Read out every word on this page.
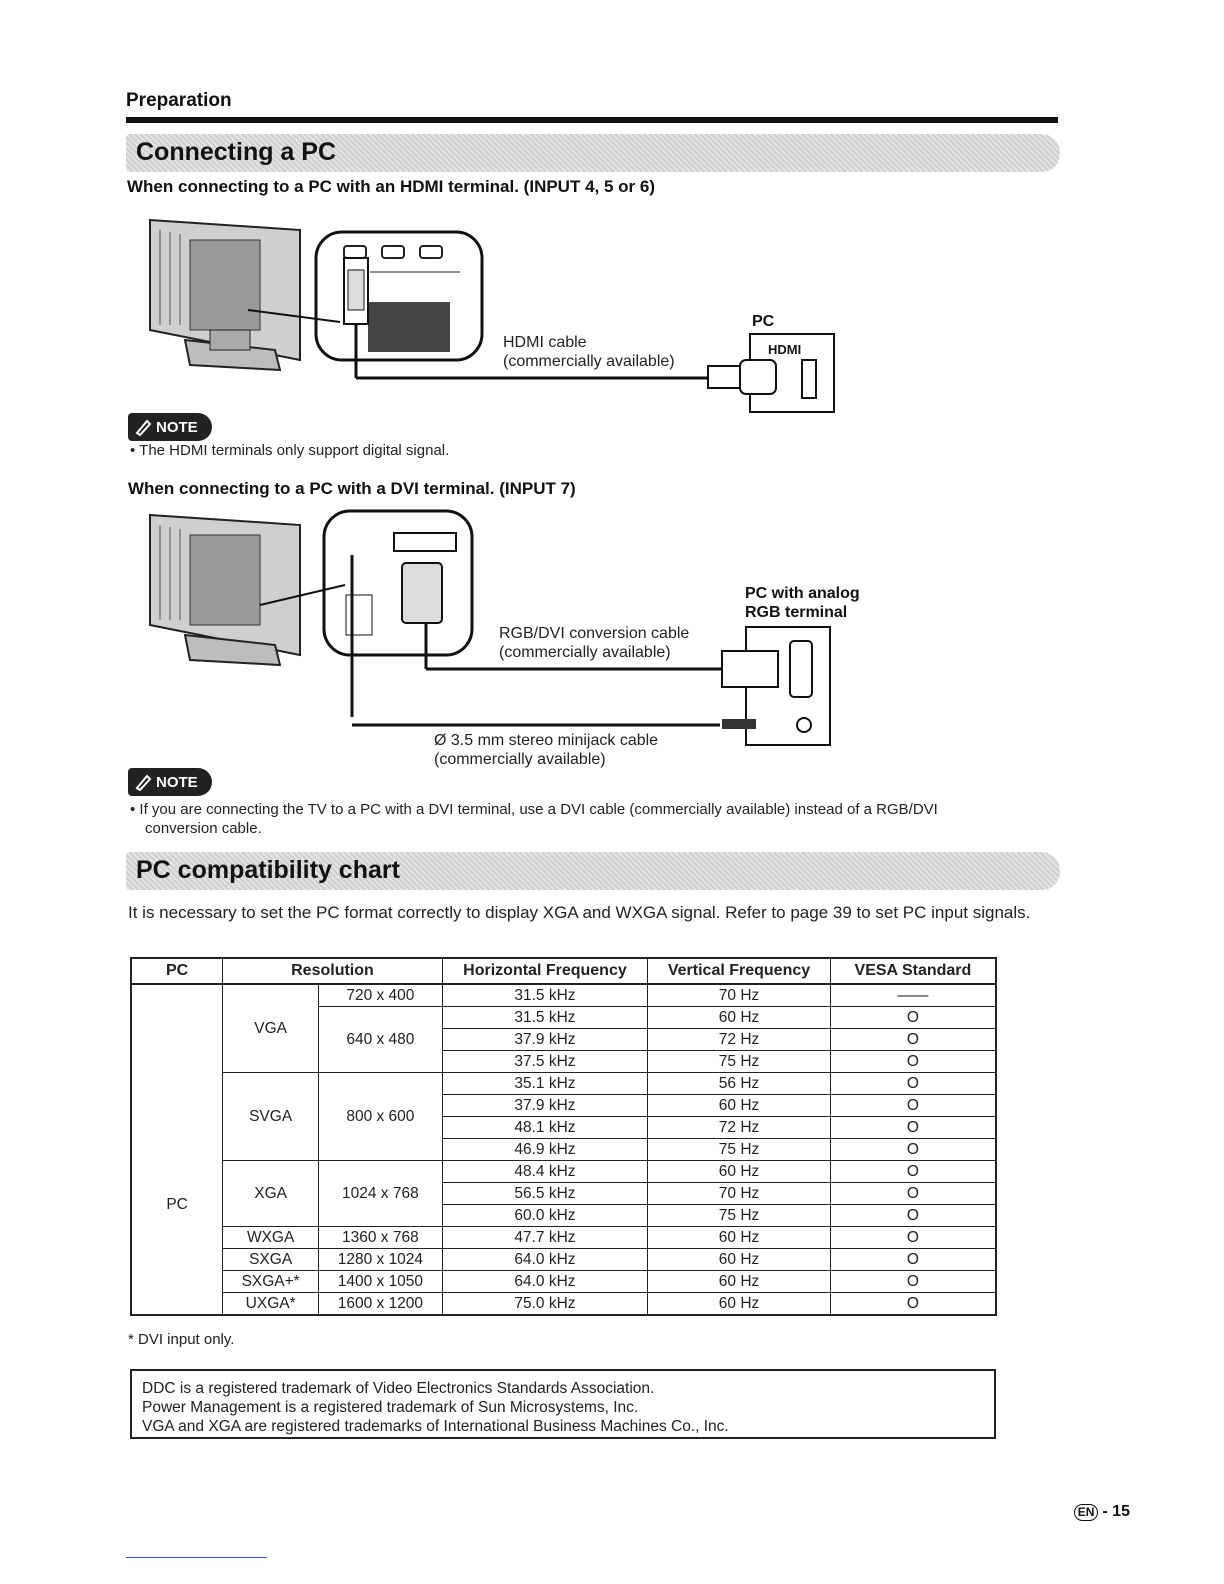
Preparation
Connecting a PC
When connecting to a PC with an HDMI terminal. (INPUT 4, 5 or 6)
HDMI
HDMI cable
(commercially available)
PC
NOTE
• The HDMI terminals only support digital signal.
When connecting to a PC with a DVI terminal. (INPUT 7)
PC with analog
RGB terminal
RGB/DVI conversion cable
(commercially available)
Ø 3.5 mm stereo minijack cable
(commercially available)
NOTE
• If you are connecting the TV to a PC with a DVI terminal, use a DVI cable (commercially available) instead of a RGB/DVI
conversion cable.
PC compatibility chart
It is necessary to set the PC format correctly to display XGA and WXGA signal. Refer to page 39 to set PC input signals.
PC	Resolution		Horizontal Frequency	Vertical Frequency	VESA Standard
PC	VGA	720 x 400	31.5 kHz	70 Hz	——
		640 x 480	31.5 kHz	60 Hz	O
			37.9 kHz	72 Hz	O
			37.5 kHz	75 Hz	O
	SVGA	800 x 600	35.1 kHz	56 Hz	O
			37.9 kHz	60 Hz	O
			48.1 kHz	72 Hz	O
			46.9 kHz	75 Hz	O
	XGA	1024 x 768	48.4 kHz	60 Hz	O
			56.5 kHz	70 Hz	O
			60.0 kHz	75 Hz	O
	WXGA	1360 x 768	47.7 kHz	60 Hz	O
	SXGA	1280 x 1024	64.0 kHz	60 Hz	O
	SXGA+*	1400 x 1050	64.0 kHz	60 Hz	O
	UXGA*	1600 x 1200	75.0 kHz	60 Hz	O
* DVI input only.
DDC is a registered trademark of Video Electronics Standards Association.
Power Management is a registered trademark of Sun Microsystems, Inc.
VGA and XGA are registered trademarks of International Business Machines Co., Inc.
EN - 15
